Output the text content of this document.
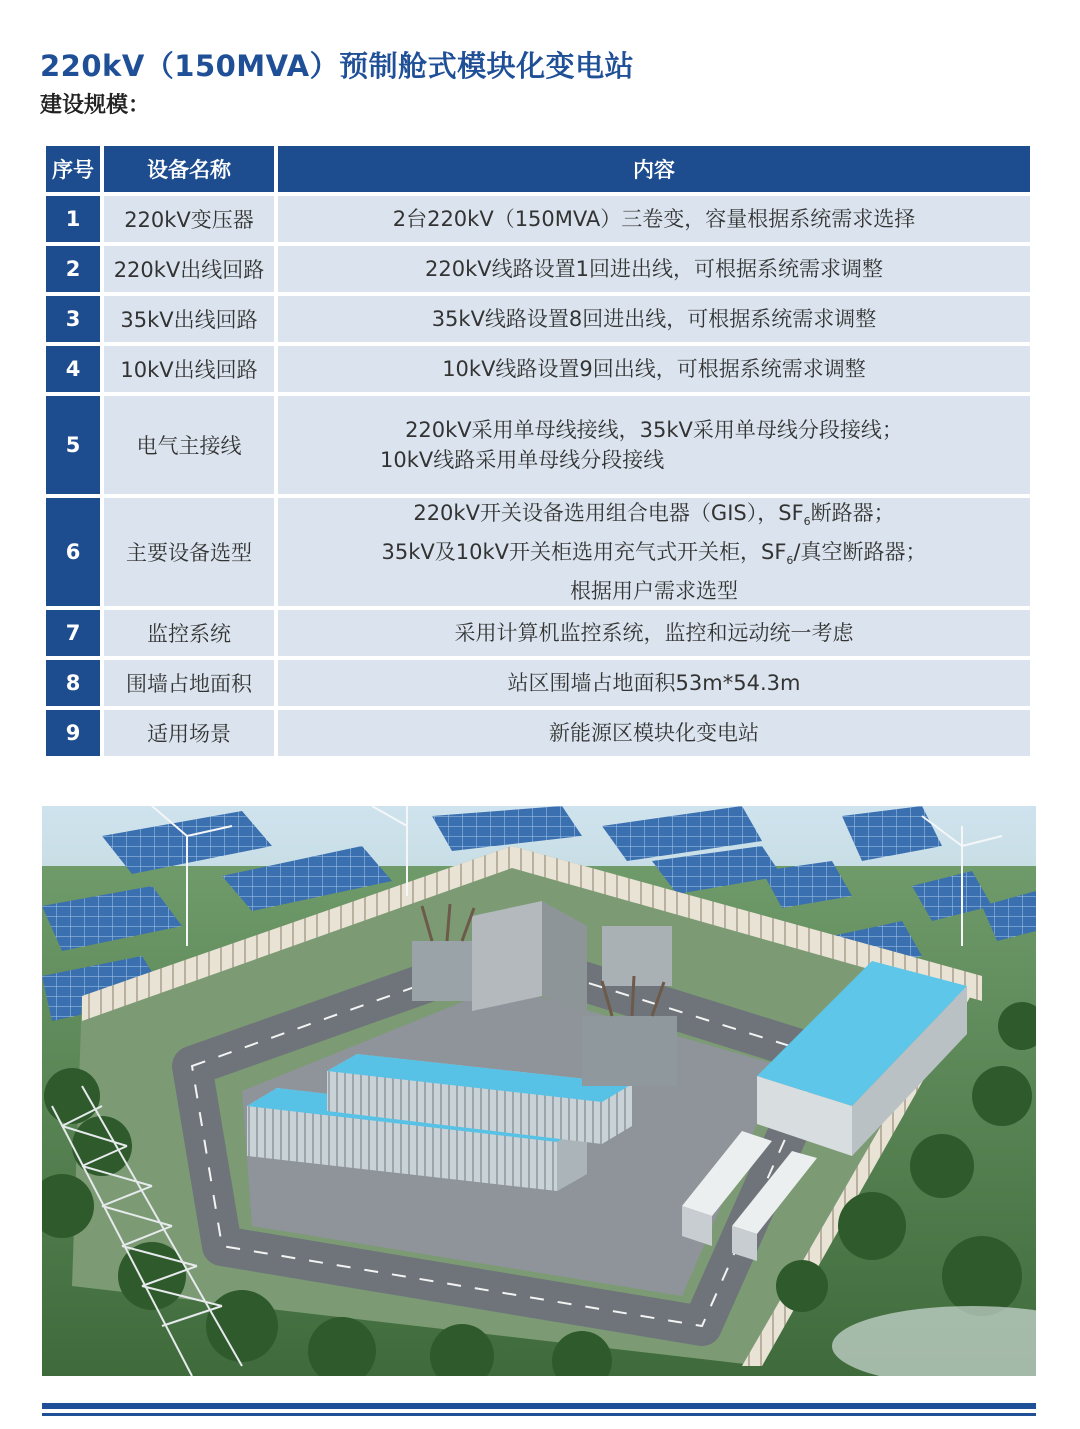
220kV（150MVA）预制舱式模块化变电站
建设规模：
序号	设备名称	内容
1	220kV变压器	2台220kV（150MVA）三卷变，容量根据系统需求选择

2	220kV出线回路	220kV线路设置1回进出线，可根据系统需求调整

3	35kV出线回路	35kV线路设置8回进出线，可根据系统需求调整

4	10kV出线回路	10kV线路设置9回出线，可根据系统需求调整

5	电气主接线	220kV采用单母线接线，35kV采用单母线分段接线；
10kV线路采用单母线分段接线

6	主要设备选型	220kV开关设备选用组合电器（GIS），$SF_6$断路器；
35kV及10kV开关柜选用充气式开关柜，$SF_6/$真空断路器；
根据用户需求选型

7	监控系统	采用计算机监控系统，监控和远动统一考虑

8	围墙占地面积	站区围墙占地面积53m*54.3m

9	适用场景	新能源区模块化变电站
